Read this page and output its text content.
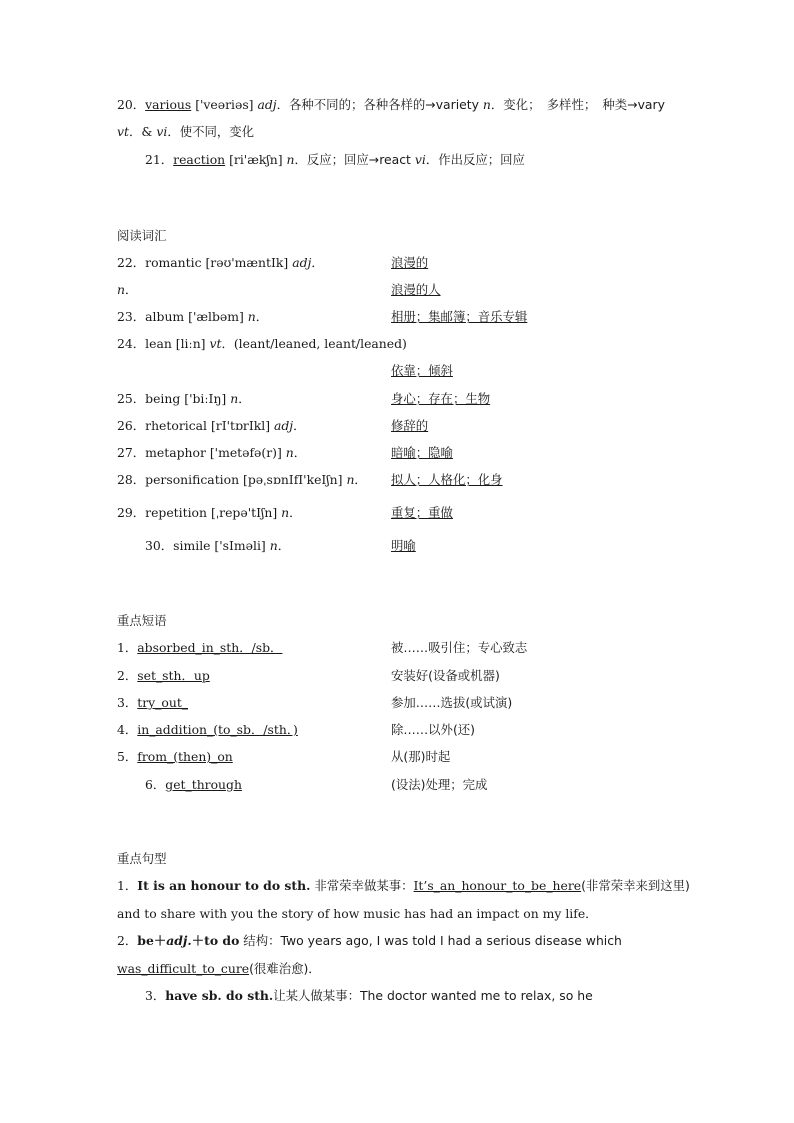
20．various ['veəriəs] adj．各种不同的；各种各样的→variety n．变化；　多样性；　种类→vary
vt．& vi．使不同，变化
21．reaction [ri'ækʃn] n．反应；回应→react vi．作出反应；回应
阅读词汇
22．romantic [rəʊ'mæntIk] adj．	浪漫的
n．	浪漫的人
23．album ['ælbəm] n．	相册；集邮簿；音乐专辑
24．lean [liːn] vt．(leant/leaned, leant/leaned)
依靠；倾斜
25．being ['biːIŋ] n．	身心；存在；生物
26．rhetorical [rI'tɒrIkl] adj．	修辞的
27．metaphor ['metəfə(r)] n．	暗喻；隐喻
28．personification [pəˌsɒnIfI'keIʃn] n． 拟人；人格化；化身
29．repetition [ˌrepə'tIʃn] n．	重复；重做
30．simile ['sImәli] n．	明喻
重点短语
1．absorbed_in_sth．/sb．	被……吸引住；专心致志
2．set_sth．up	安装好(设备或机器)
3．try_out_	参加……选拔(或试演)
4．in_addition_(to_sb．/sth．)	除……以外(还)
5．from_(then)_on	从(那)时起
6．get_through	(设法)处理；完成
重点句型
1．It is an honour to do sth. 非常荣幸做某事：It’s_an_honour_to_be_here(非常荣幸来到这里)
and to share with you the story of how music has had an impact on my life．
2．be＋adj.＋to do 结构：Two years ago, I was told I had a serious disease which
was_difficult_to_cure(很难治愈)．
3．have sb. do sth.让某人做某事：The doctor wanted me to relax, so he
